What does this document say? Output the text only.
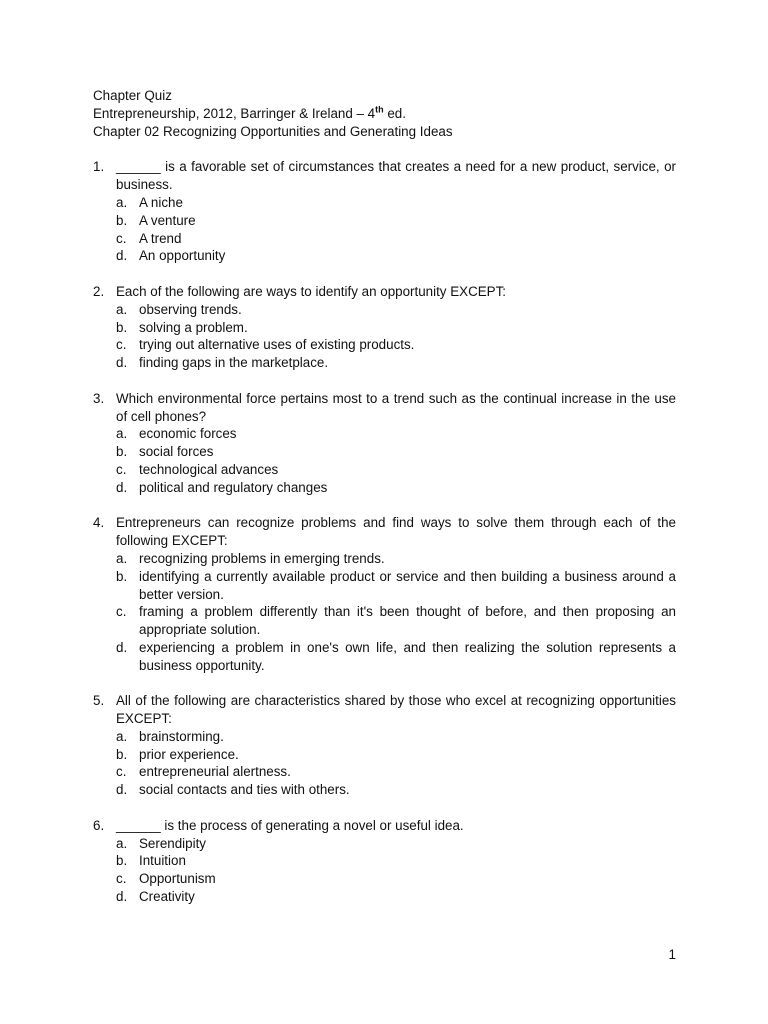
Chapter Quiz
Entrepreneurship, 2012, Barringer & Ireland – 4th ed.
Chapter 02 Recognizing Opportunities and Generating Ideas
1. ______ is a favorable set of circumstances that creates a need for a new product, service, or business.
a. A niche
b. A venture
c. A trend
d. An opportunity
2. Each of the following are ways to identify an opportunity EXCEPT:
a. observing trends.
b. solving a problem.
c. trying out alternative uses of existing products.
d. finding gaps in the marketplace.
3. Which environmental force pertains most to a trend such as the continual increase in the use of cell phones?
a. economic forces
b. social forces
c. technological advances
d. political and regulatory changes
4. Entrepreneurs can recognize problems and find ways to solve them through each of the following EXCEPT:
a. recognizing problems in emerging trends.
b. identifying a currently available product or service and then building a business around a better version.
c. framing a problem differently than it's been thought of before, and then proposing an appropriate solution.
d. experiencing a problem in one's own life, and then realizing the solution represents a business opportunity.
5. All of the following are characteristics shared by those who excel at recognizing opportunities EXCEPT:
a. brainstorming.
b. prior experience.
c. entrepreneurial alertness.
d. social contacts and ties with others.
6. ______ is the process of generating a novel or useful idea.
a. Serendipity
b. Intuition
c. Opportunism
d. Creativity
1
